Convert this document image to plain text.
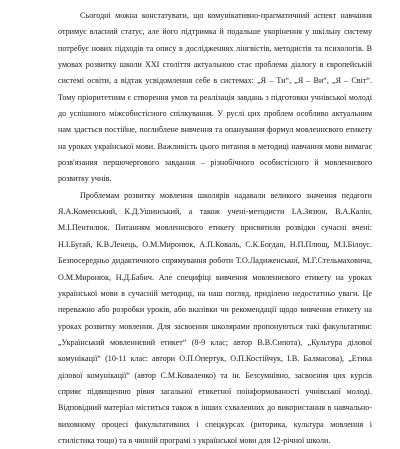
Сьогодні можна констатувати, що комунікативно-прагматичний аспект навчання отримує власний статус, але його підтримка й подальше укорінення у шкільну систему потребує нових підходів та опису в дослідженнях лінгвістів, методистів та психологів. В умовах розвитку школи XXI століття актуальною стає проблема діалогу в європейській системі освіти, а відтак усвідомлення себе в системах: „Я – Ти“, „Я – Ви“, „Я – Світ“. Тому пріоритетним є створення умов та реалізація завдань з підготовки учнівської молоді до успішного міжсобистісного спілкування. У руслі цих проблем особливо актуальним нам здається постійне, поглиблене вивчення та опанування формул мовленнєвого етикету на уроках української мови. Важливість цього питання в методиці навчання мови вимагає розв'язання першочергового завдання – різнобічного особистісного й мовленнєвого розвитку учнів.

Проблемам розвитку мовлення школярів надавали великого значення педагоги Я.А.Коменський, К.Д.Ушинський, а також учені-методисти І.А.Зязюн, В.А.Калін, М.І.Пентилюк. Питанням мовленнєвого етикету присвятили розвідки сучасні вчені: Н.І.Бугай, К.В.Ленець, О.М.Миронюк, А.П.Коваль, С.К.Богдан, Н.П.Плющ, М.І.Білоус. Безпосередньо дидактичного спрямування роботи Т.О.Ладиженської, М.Г.Стельмаховича, О.М.Миронюк, Н.Д.Бабич. Але специфіці вивчення мовленнєвого етикету на уроках української мови в сучасній методиці, на наш погляд, приділено недостатньо уваги. Це переважно або розробки уроків, або вказівки чи рекомендації щодо вивчення етикету на уроках розвитку мовлення. Для засвоєння школярами пропонуються такі факультативи: „Український мовленнєвий етикет“ (8-9 клас; автор В.В.Сипота), „Культура ділової комунікації“ (10-11 клас: автори О.П.Опертук, О.П.Костійчук, І.В. Балмасова), „Етика ділової комунікації“ (автор С.М.Коваленко) та ін. Безсумнівно, засвоєння цих курсів сприяє підвищенню рівня загальної етикетної поінформованості учнівської молоді. Відповідний матеріал міститься також в інших схваленних до використання в навчально-виховному процесі факультативних і спецкурсах (риторика, культура мовлення і стилістика тощо) та в чинній програмі з української мови для 12-річної школи.
